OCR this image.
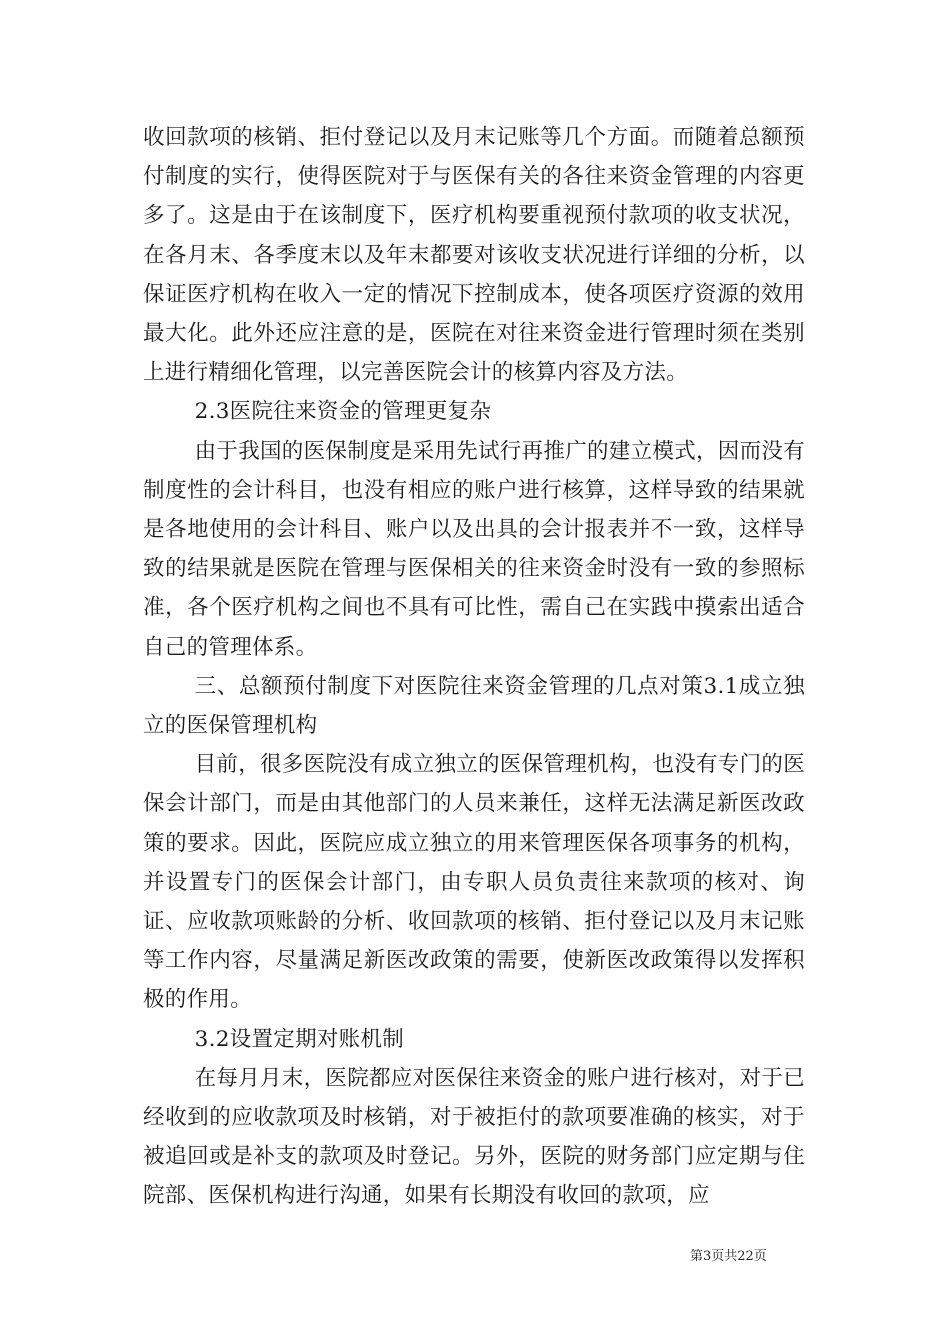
收回款项的核销、拒付登记以及月末记账等几个方面。而随着总额预付制度的实行，使得医院对于与医保有关的各往来资金管理的内容更多了。这是由于在该制度下，医疗机构要重视预付款项的收支状况，在各月末、各季度末以及年末都要对该收支状况进行详细的分析，以保证医疗机构在收入一定的情况下控制成本，使各项医疗资源的效用最大化。此外还应注意的是，医院在对往来资金进行管理时须在类别上进行精细化管理，以完善医院会计的核算内容及方法。

2.3医院往来资金的管理更复杂

由于我国的医保制度是采用先试行再推广的建立模式，因而没有制度性的会计科目，也没有相应的账户进行核算，这样导致的结果就是各地使用的会计科目、账户以及出具的会计报表并不一致，这样导致的结果就是医院在管理与医保相关的往来资金时没有一致的参照标准，各个医疗机构之间也不具有可比性，需自己在实践中摸索出适合自己的管理体系。

三、总额预付制度下对医院往来资金管理的几点对策3.1成立独立的医保管理机构

目前，很多医院没有成立独立的医保管理机构，也没有专门的医保会计部门，而是由其他部门的人员来兼任，这样无法满足新医改政策的要求。因此，医院应成立独立的用来管理医保各项事务的机构，并设置专门的医保会计部门，由专职人员负责往来款项的核对、询证、应收款项账龄的分析、收回款项的核销、拒付登记以及月末记账等工作内容，尽量满足新医改政策的需要，使新医改政策得以发挥积极的作用。

3.2设置定期对账机制

在每月月末，医院都应对医保往来资金的账户进行核对，对于已经收到的应收款项及时核销，对于被拒付的款项要准确的核实，对于被追回或是补支的款项及时登记。另外，医院的财务部门应定期与住院部、医保机构进行沟通，如果有长期没有收回的款项，应

第3页共22页
